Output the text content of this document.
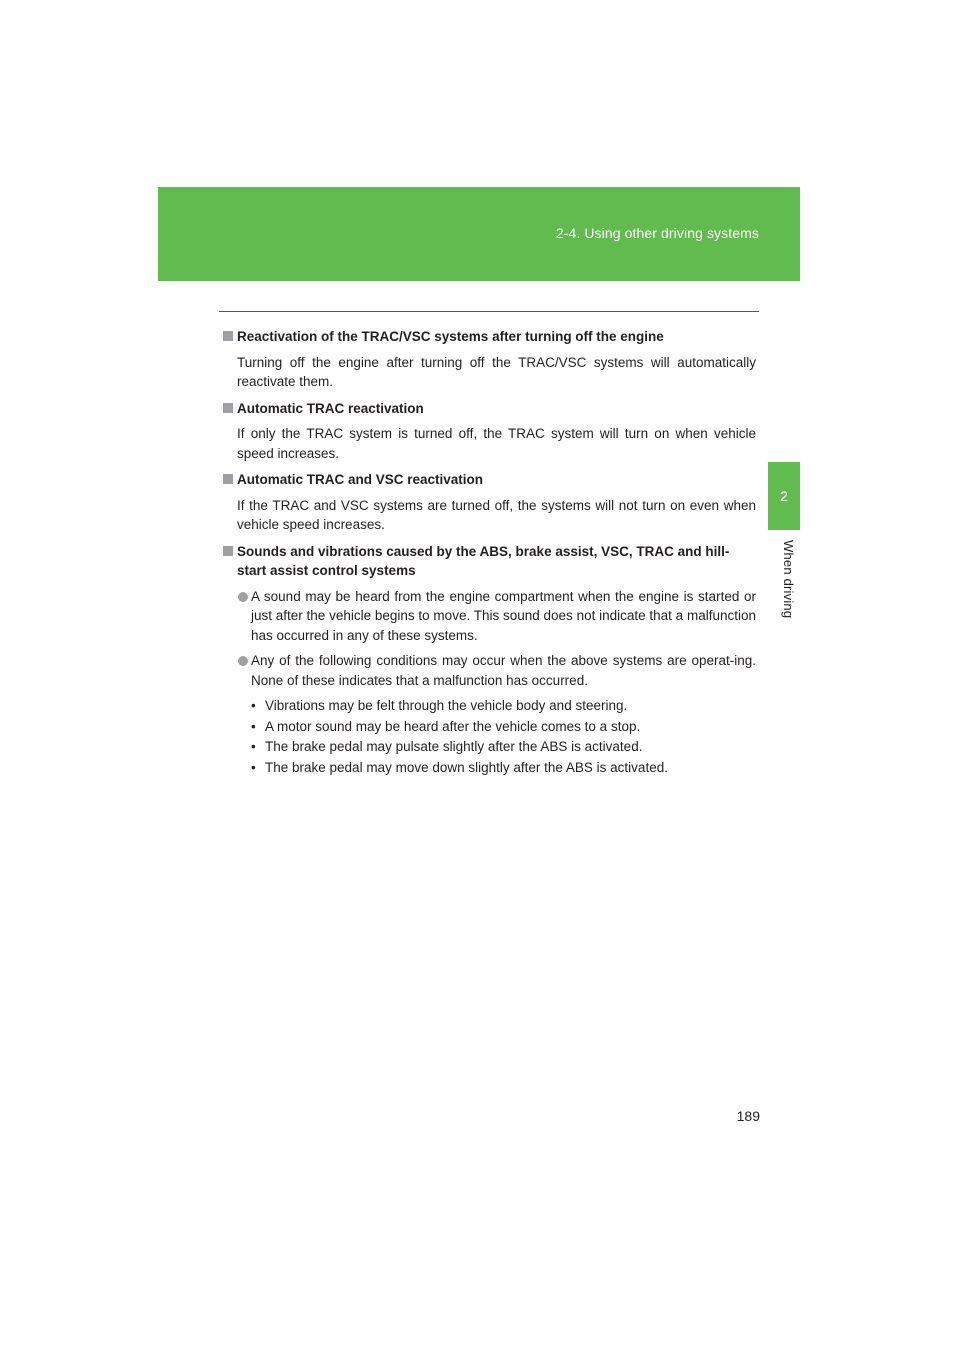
2-4. Using other driving systems
2
When driving
Reactivation of the TRAC/VSC systems after turning off the engine
Turning off the engine after turning off the TRAC/VSC systems will automatically reactivate them.
Automatic TRAC reactivation
If only the TRAC system is turned off, the TRAC system will turn on when vehicle speed increases.
Automatic TRAC and VSC reactivation
If the TRAC and VSC systems are turned off, the systems will not turn on even when vehicle speed increases.
Sounds and vibrations caused by the ABS, brake assist, VSC, TRAC and hill-start assist control systems
A sound may be heard from the engine compartment when the engine is started or just after the vehicle begins to move. This sound does not indicate that a malfunction has occurred in any of these systems.
Any of the following conditions may occur when the above systems are operat-ing. None of these indicates that a malfunction has occurred.
• Vibrations may be felt through the vehicle body and steering.
• A motor sound may be heard after the vehicle comes to a stop.
• The brake pedal may pulsate slightly after the ABS is activated.
• The brake pedal may move down slightly after the ABS is activated.
189
